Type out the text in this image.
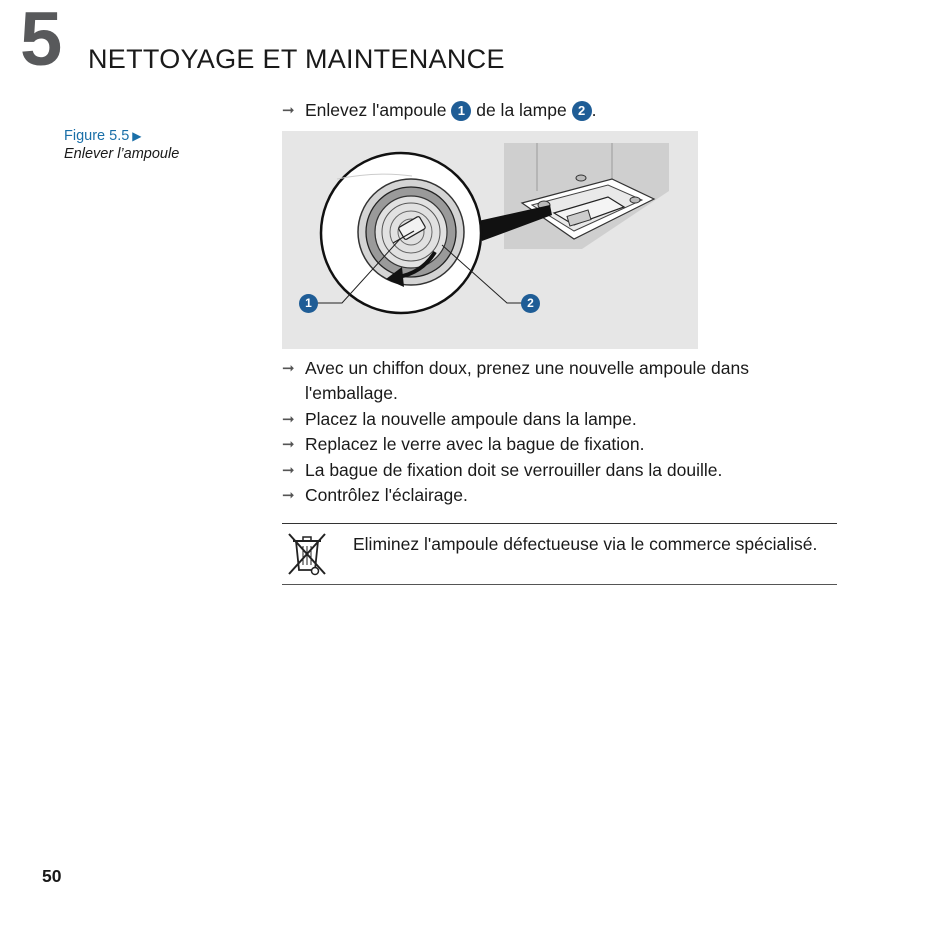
5 NETTOYAGE ET MAINTENANCE
Figure 5.5 ▶
Enlever l’ampoule
➞ Enlevez l'ampoule 1 de la lampe 2 .
1	2
➞ Avec un chiffon doux, prenez une nouvelle ampoule dans l'emballage.
➞ Placez la nouvelle ampoule dans la lampe.
➞ Replacez le verre avec la bague de fixation.
➞ La bague de fixation doit se verrouiller dans la douille.
➞ Contrôlez l'éclairage.
Eliminez l'ampoule défectueuse via le commerce spécialisé.
50
